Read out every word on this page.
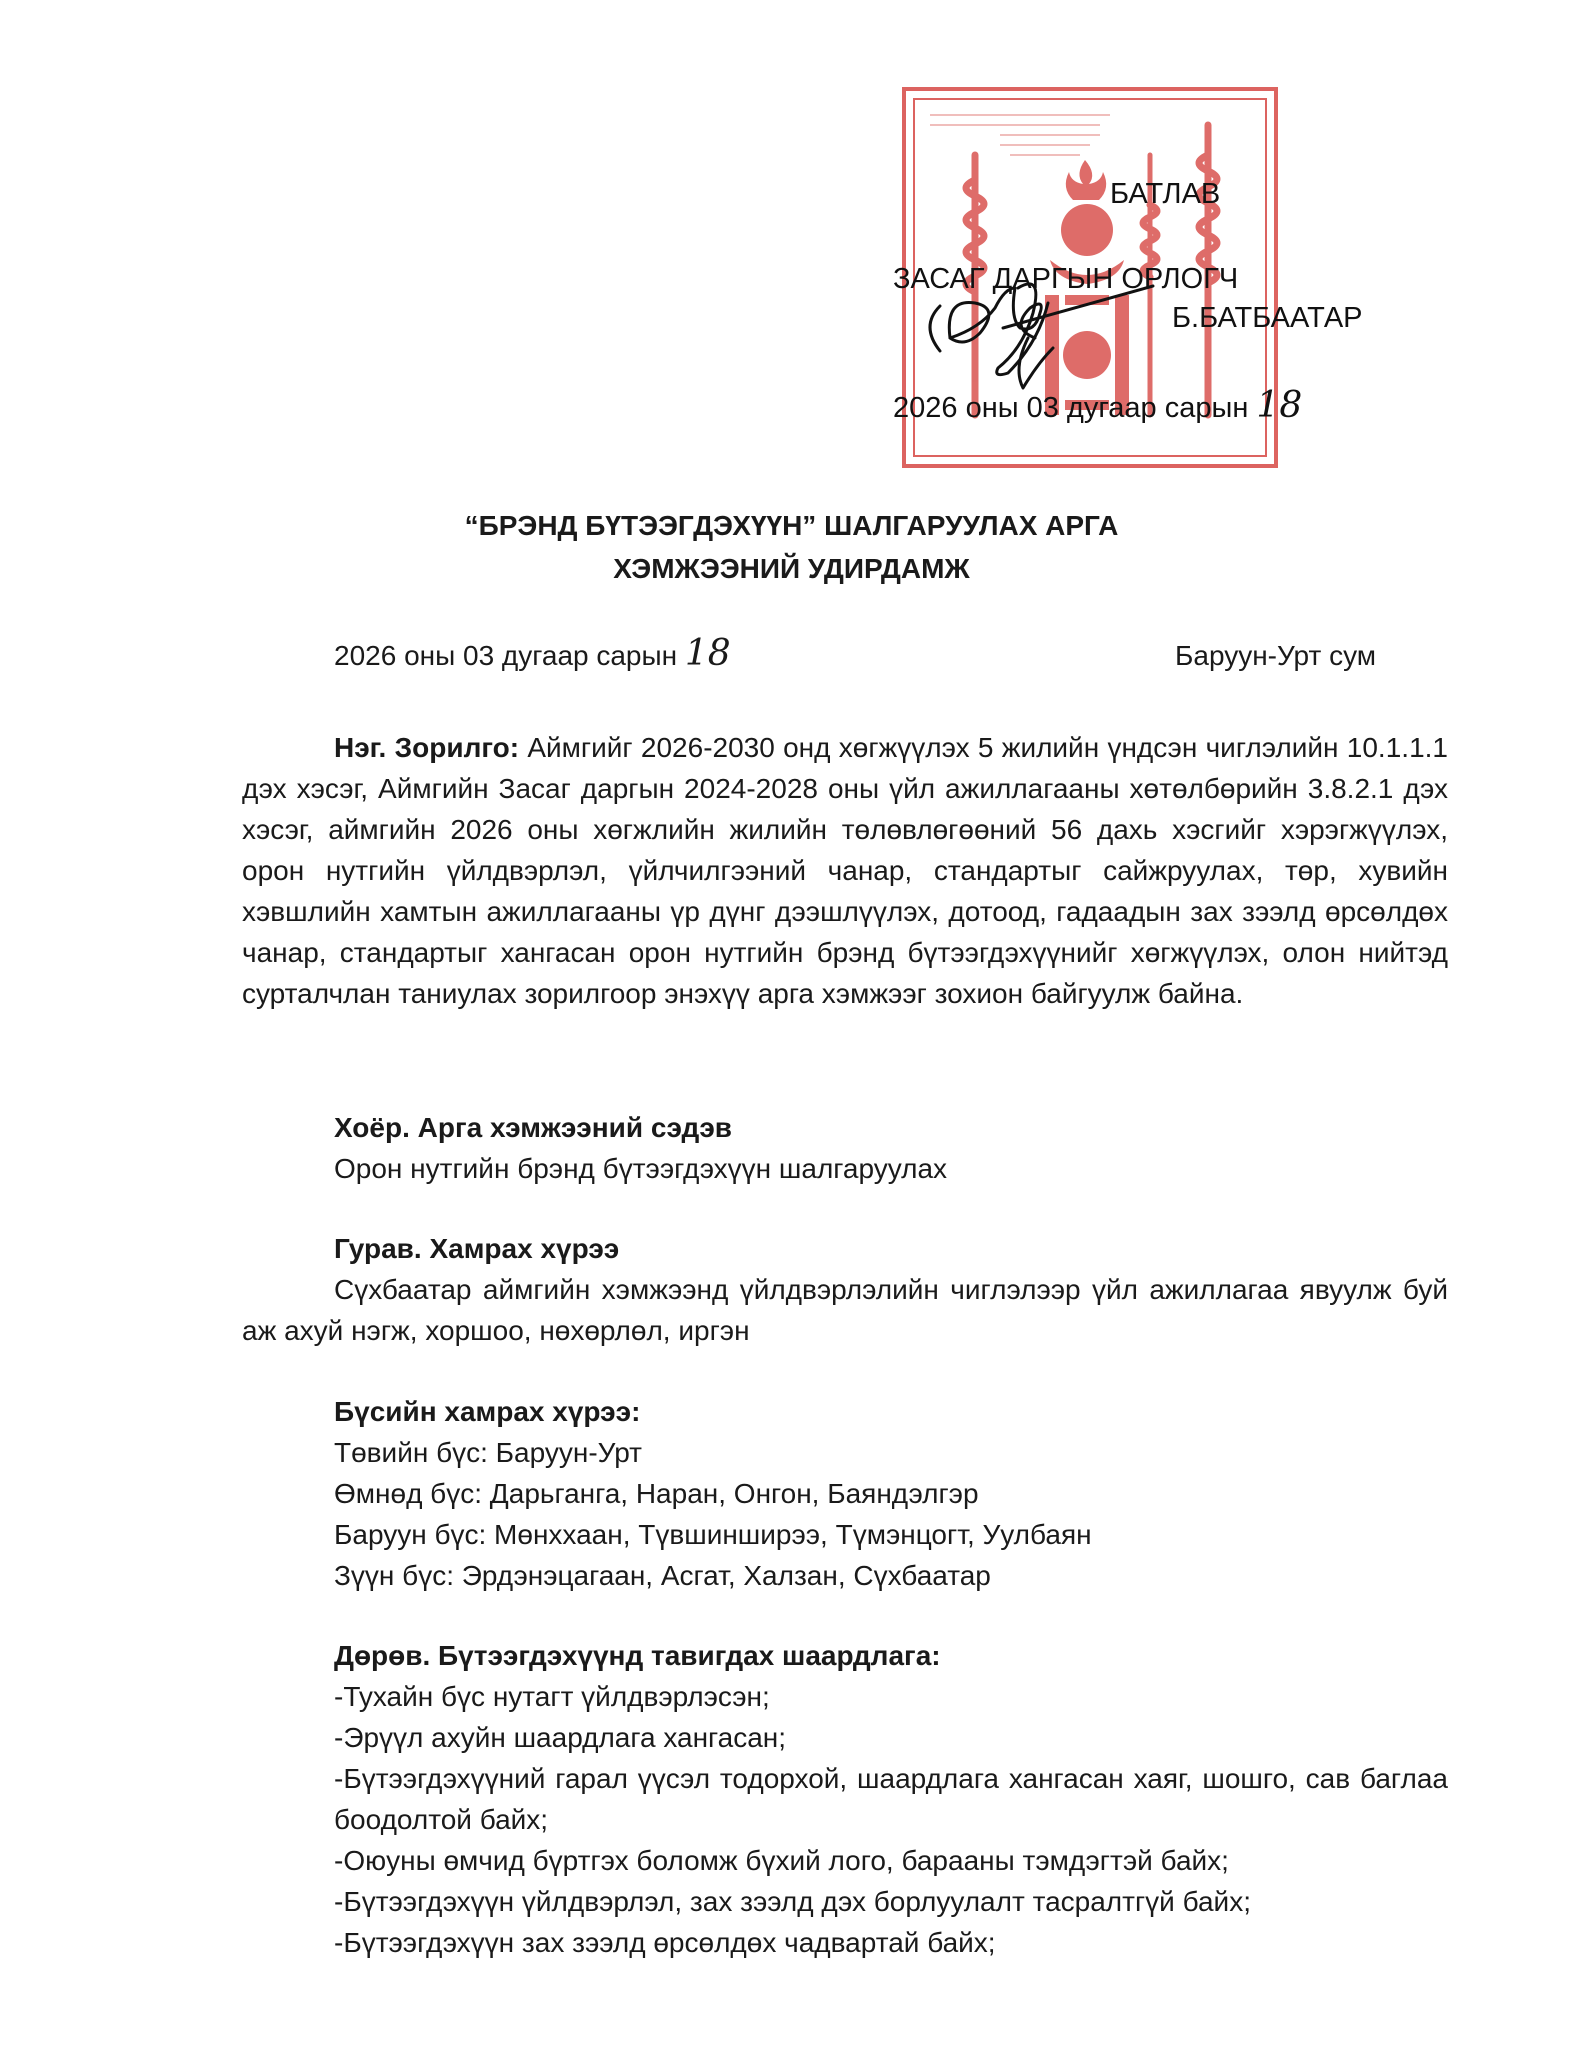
БАТЛАВ
ЗАСАГ ДАРГЫН ОРЛОГЧ
Б.БАТБААТАР
2026 оны 03 дугаар сарын 18
“БРЭНД БҮТЭЭГДЭХҮҮН” ШАЛГАРУУЛАХ АРГА
ХЭМЖЭЭНИЙ УДИРДАМЖ
2026 оны 03 дугаар сарын 18	Баруун-Урт сум
Нэг. Зорилго: Аймгийг 2026-2030 онд хөгжүүлэх 5 жилийн үндсэн чиглэлийн 10.1.1.1 дэх хэсэг, Аймгийн Засаг даргын 2024-2028 оны үйл ажиллагааны хөтөлбөрийн 3.8.2.1 дэх хэсэг, аймгийн 2026 оны хөгжлийн жилийн төлөвлөгөөний 56 дахь хэсгийг хэрэгжүүлэх, орон нутгийн үйлдвэрлэл, үйлчилгээний чанар, стандартыг сайжруулах, төр, хувийн хэвшлийн хамтын ажиллагааны үр дүнг дээшлүүлэх, дотоод, гадаадын зах зээлд өрсөлдөх чанар, стандартыг хангасан орон нутгийн брэнд бүтээгдэхүүнийг хөгжүүлэх, олон нийтэд сурталчлан таниулах зорилгоор энэхүү арга хэмжээг зохион байгуулж байна.
Хоёр. Арга хэмжээний сэдэв
Орон нутгийн брэнд бүтээгдэхүүн шалгаруулах
Гурав. Хамрах хүрээ
Сүхбаатар аймгийн хэмжээнд үйлдвэрлэлийн чиглэлээр үйл ажиллагаа явуулж буй аж ахуй нэгж, хоршоо, нөхөрлөл, иргэн
Бүсийн хамрах хүрээ:
Төвийн бүс: Баруун-Урт
Өмнөд бүс: Дарьганга, Наран, Онгон, Баяндэлгэр
Баруун бүс: Мөнххаан, Түвшинширээ, Түмэнцогт, Уулбаян
Зүүн бүс: Эрдэнэцагаан, Асгат, Халзан, Сүхбаатар
Дөрөв. Бүтээгдэхүүнд тавигдах шаардлага:
-Тухайн бүс нутагт үйлдвэрлэсэн;
-Эрүүл ахуйн шаардлага хангасан;
-Бүтээгдэхүүний гарал үүсэл тодорхой, шаардлага хангасан хаяг, шошго, сав баглаа боодолтой байх;
-Оюуны өмчид бүртгэх боломж бүхий лого, барааны тэмдэгтэй байх;
-Бүтээгдэхүүн үйлдвэрлэл, зах зээлд дэх борлуулалт тасралтгүй байх;
-Бүтээгдэхүүн зах зээлд өрсөлдөх чадвартай байх;
